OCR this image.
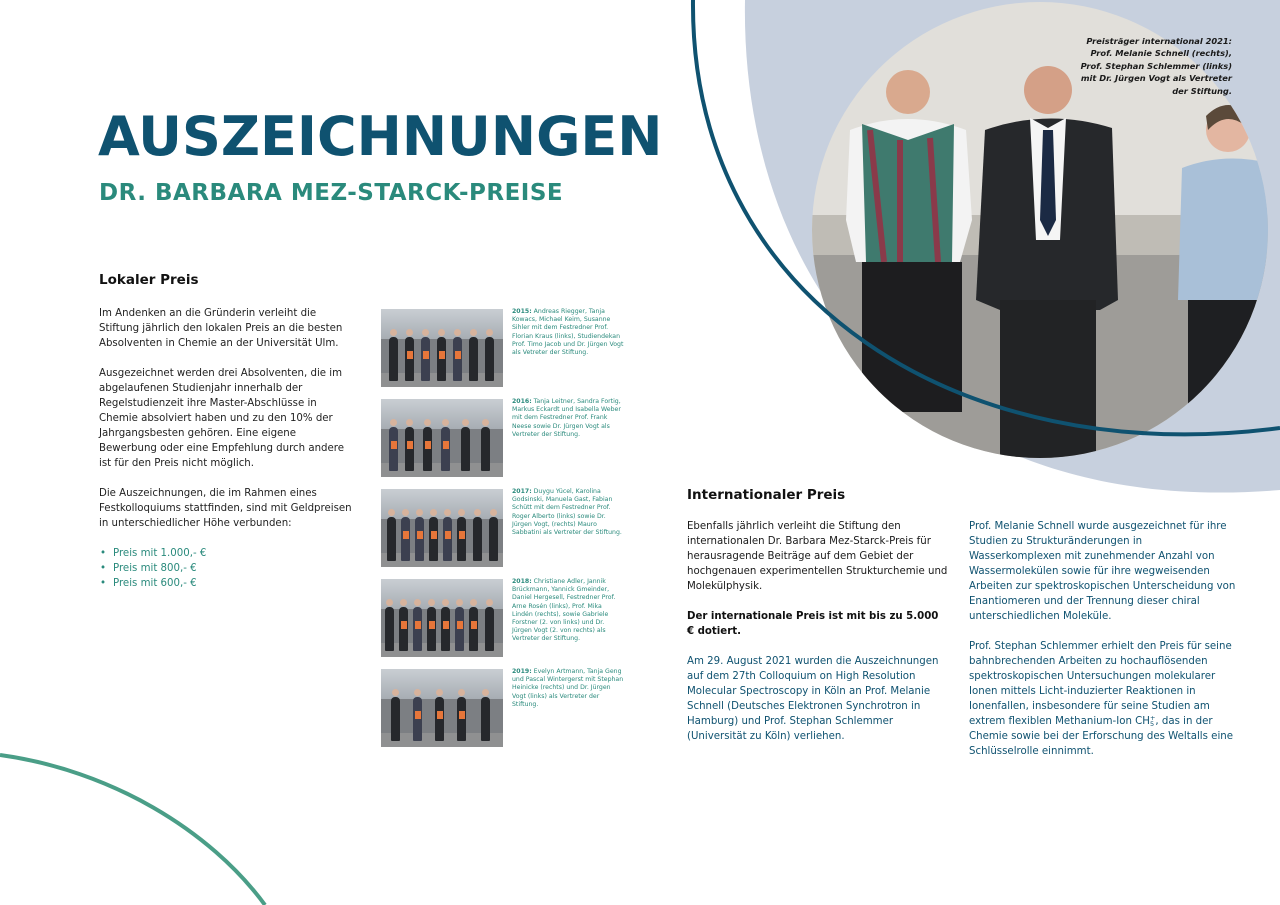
AUSZEICHNUNGEN
DR. BARBARA MEZ-STARCK-PREISE
Lokaler Preis

Im Andenken an die Gründerin verleiht die Stiftung jährlich den lokalen Preis an die besten Absolventen in Chemie an der Universität Ulm.

Ausgezeichnet werden drei Absolventen, die im abgelaufenen Studienjahr innerhalb der Regelstudienzeit ihre Master-Abschlüsse in Chemie absolviert haben und zu den 10% der Jahrgangsbesten gehören. Eine eigene Bewerbung oder eine Empfehlung durch andere ist für den Preis nicht möglich.

Die Auszeichnungen, die im Rahmen eines Festkolloquiums stattfinden, sind mit Geldpreisen in unterschiedlicher Höhe verbunden:

• Preis mit 1.000,- €
• Preis mit 800,- €
• Preis mit 600,- €
2015: Andreas Riegger, Tanja Kowacs, Michael Keim, Susanne Sihler mit dem Festredner Prof. Florian Kraus (links), Studiendekan Prof. Timo Jacob und Dr. Jürgen Vogt als Vetreter der Stiftung.
2016: Tanja Leitner, Sandra Fortig, Markus Eckardt und Isabella Weber mit dem Festredner Prof. Frank Neese sowie Dr. Jürgen Vogt als Vertreter der Stiftung.
2017: Duygu Yücel, Karolina Godsinski, Manuela Gast, Fabian Schütt mit dem Festredner Prof. Roger Alberto (links) sowie Dr. Jürgen Vogt, (rechts) Mauro Sabbatini als Vertreter der Stiftung.
2018: Christiane Adler, Jannik Brückmann, Yannick Gmeinder, Daniel Hergesell, Festredner Prof. Arne Rosén (links), Prof. Mika Lindén (rechts), sowie Gabriele Forstner (2. von links) und Dr. Jürgen Vogt (2. von rechts) als Vertreter der Stiftung.
2019: Evelyn Artmann, Tanja Geng und Pascal Wintergerst mit Stephan Heinicke (rechts) und Dr. Jürgen Vogt (links) als Vertreter der Stiftung.
Preisträger international 2021:
Prof. Melanie Schnell (rechts),
Prof. Stephan Schlemmer (links)
mit Dr. Jürgen Vogt als Vertreter
der Stiftung.
Internationaler Preis

Ebenfalls jährlich verleiht die Stiftung den internationalen Dr. Barbara Mez-Starck-Preis für herausragende Beiträge auf dem Gebiet der hochgenauen experimentellen Strukturchemie und Molekülphysik.

Der internationale Preis ist mit bis zu 5.000 € dotiert.

Am 29. August 2021 wurden die Auszeichnungen auf dem 27th Colloquium on High Resolution Molecular Spectroscopy in Köln an Prof. Melanie Schnell (Deutsches Elektronen Synchrotron in Hamburg) und Prof. Stephan Schlemmer (Universität zu Köln) verliehen.

Prof. Melanie Schnell wurde ausgezeichnet für ihre Studien zu Strukturänderungen in Wasserkomplexen mit zunehmender Anzahl von Wassermolekülen sowie für ihre wegweisenden Arbeiten zur spektroskopischen Unterscheidung von Enantiomeren und der Trennung dieser chiral unterschiedlichen Moleküle.

Prof. Stephan Schlemmer erhielt den Preis für seine bahnbrechenden Arbeiten zu hochauflösenden spektroskopischen Untersuchungen molekularer Ionen mittels Licht-induzierter Reaktionen in Ionenfallen, insbesondere für seine Studien am extrem flexiblen Methanium-Ion CH +
5 , das in der Chemie sowie bei der Erforschung des Weltalls eine Schlüsselrolle einnimmt.
